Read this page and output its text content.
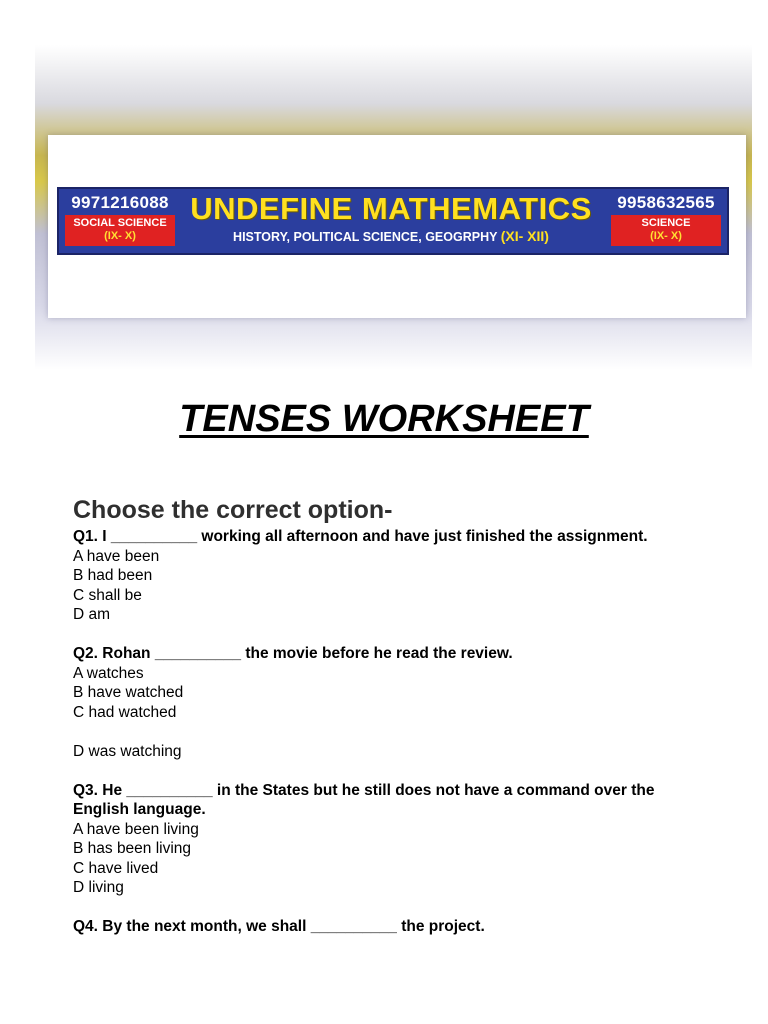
9971216088
SOCIAL SCIENCE
(IX- X)
UNDEFINE MATHEMATICS
HISTORY, POLITICAL SCIENCE, GEOGRPHY (XI- XII)
9958632565
SCIENCE
(IX- X)
TENSES WORKSHEET
Choose the correct option-
Q1. I __________ working all afternoon and have just finished the assignment.
A have been
B had been
C shall be
D am
Q2. Rohan __________ the movie before he read the review.
A watches
B have watched
C had watched
D was watching
Q3. He __________ in the States but he still does not have a command over the English language.
A have been living
B has been living
C have lived
D living
Q4. By the next month, we shall __________ the project.
